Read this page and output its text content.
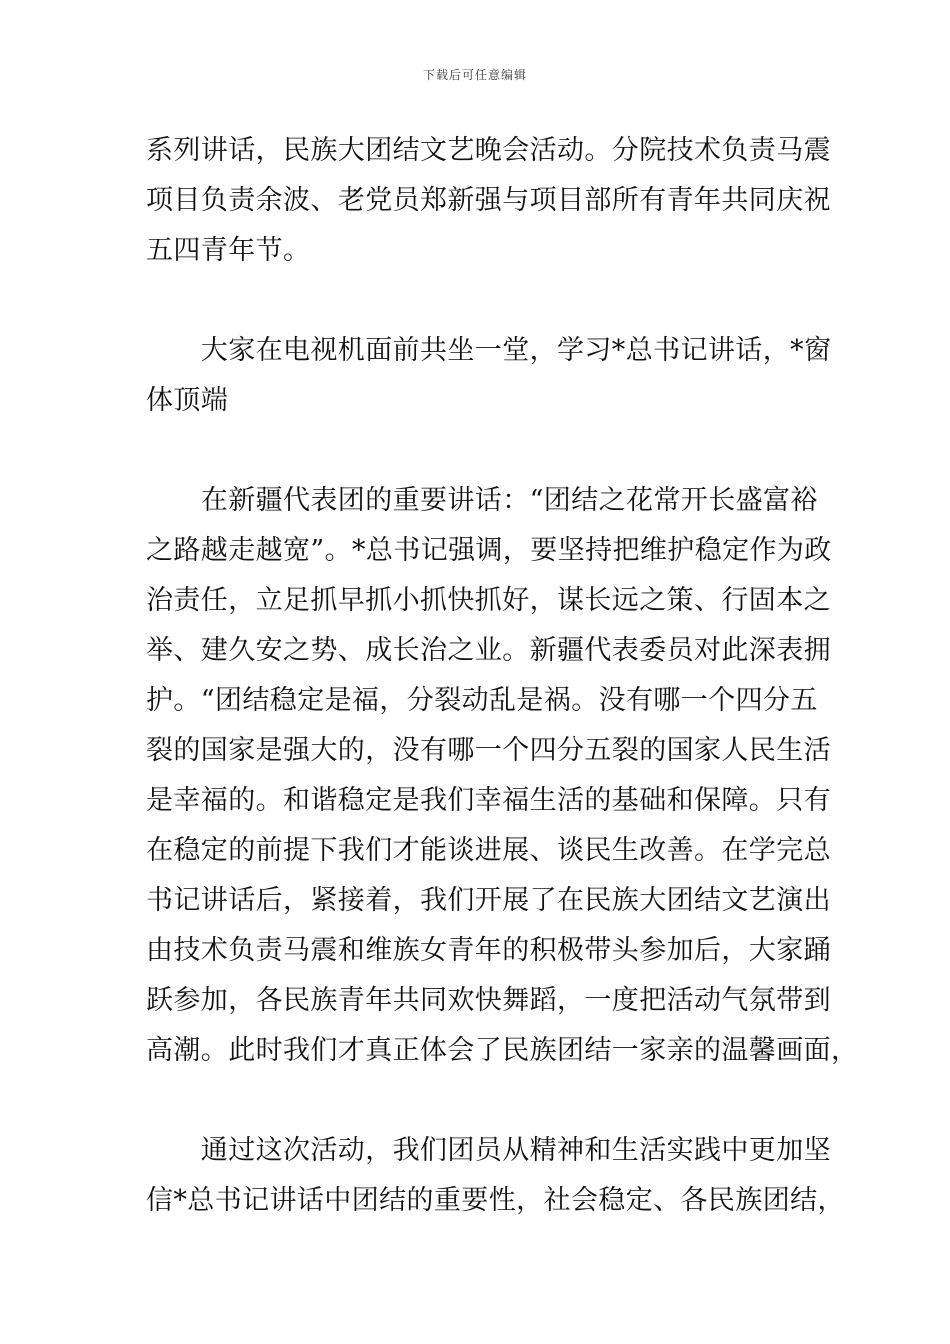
下载后可任意编辑
系列讲话，民族大团结文艺晚会活动。分院技术负责马震
项目负责余波、老党员郑新强与项目部所有青年共同庆祝
五四青年节。
　　大家在电视机面前共坐一堂，学习*总书记讲话，*窗
体顶端
　　在新疆代表团的重要讲话：“团结之花常开长盛富裕
之路越走越宽”。*总书记强调，要坚持把维护稳定作为政
治责任，立足抓早抓小抓快抓好，谋长远之策、行固本之
举、建久安之势、成长治之业。新疆代表委员对此深表拥
护。“团结稳定是福，分裂动乱是祸。没有哪一个四分五
裂的国家是强大的，没有哪一个四分五裂的国家人民生活
是幸福的。和谐稳定是我们幸福生活的基础和保障。只有
在稳定的前提下我们才能谈进展、谈民生改善。在学完总
书记讲话后，紧接着，我们开展了在民族大团结文艺演出
由技术负责马震和维族女青年的积极带头参加后，大家踊
跃参加，各民族青年共同欢快舞蹈，一度把活动气氛带到
高潮。此时我们才真正体会了民族团结一家亲的温馨画面，
　　通过这次活动，我们团员从精神和生活实践中更加坚
信*总书记讲话中团结的重要性，社会稳定、各民族团结，
